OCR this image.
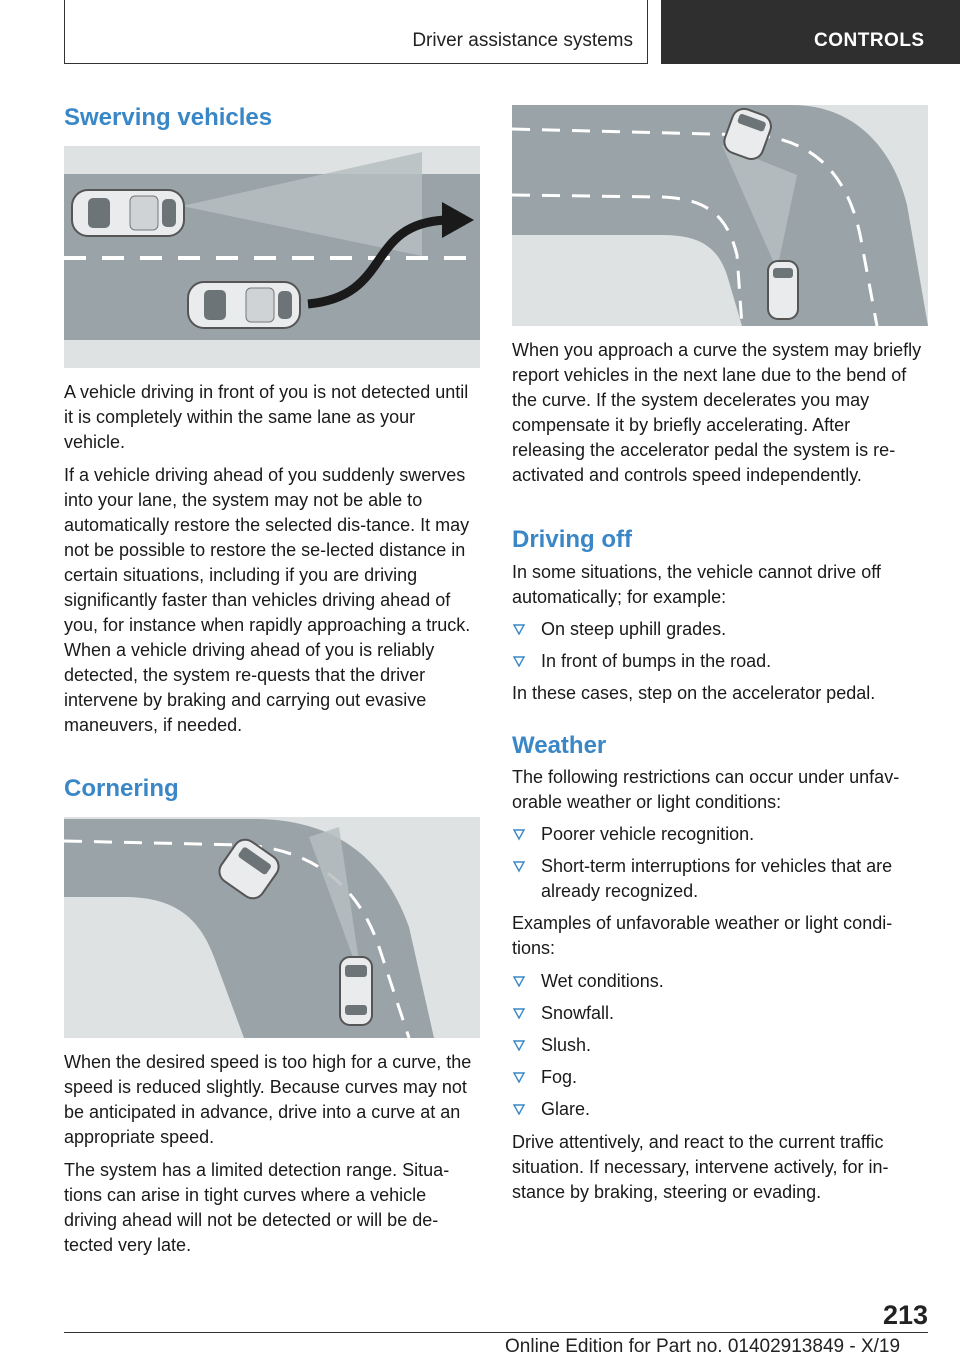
Driver assistance systems	CONTROLS
Swerving vehicles

A vehicle driving in front of you is not detected until it is completely within the same lane as your vehicle.

If a vehicle driving ahead of you suddenly swerves into your lane, the system may not be able to automatically restore the selected dis-tance. It may not be possible to restore the se-lected distance in certain situations, including if you are driving significantly faster than vehicles driving ahead of you, for instance when rapidly approaching a truck. When a vehicle driving ahead of you is reliably detected, the system re-quests that the driver intervene by braking and carrying out evasive maneuvers, if needed.

Cornering

When the desired speed is too high for a curve, the speed is reduced slightly. Because curves may not be anticipated in advance, drive into a curve at an appropriate speed.

The system has a limited detection range. Situa-tions can arise in tight curves where a vehicle driving ahead will not be detected or will be de-tected very late.

When you approach a curve the system may briefly report vehicles in the next lane due to the bend of the curve. If the system decelerates you may compensate it by briefly accelerating. After releasing the accelerator pedal the system is re-activated and controls speed independently.

Driving off

In some situations, the vehicle cannot drive off automatically; for example:

On steep uphill grades.
In front of bumps in the road.

In these cases, step on the accelerator pedal.

Weather

The following restrictions can occur under unfav-orable weather or light conditions:

Poorer vehicle recognition.
Short-term interruptions for vehicles that are already recognized.

Examples of unfavorable weather or light condi-tions:

Wet conditions.
Snowfall.
Slush.
Fog.
Glare.

Drive attentively, and react to the current traffic situation. If necessary, intervene actively, for in-stance by braking, steering or evading.

213
Online Edition for Part no. 01402913849 - X/19
